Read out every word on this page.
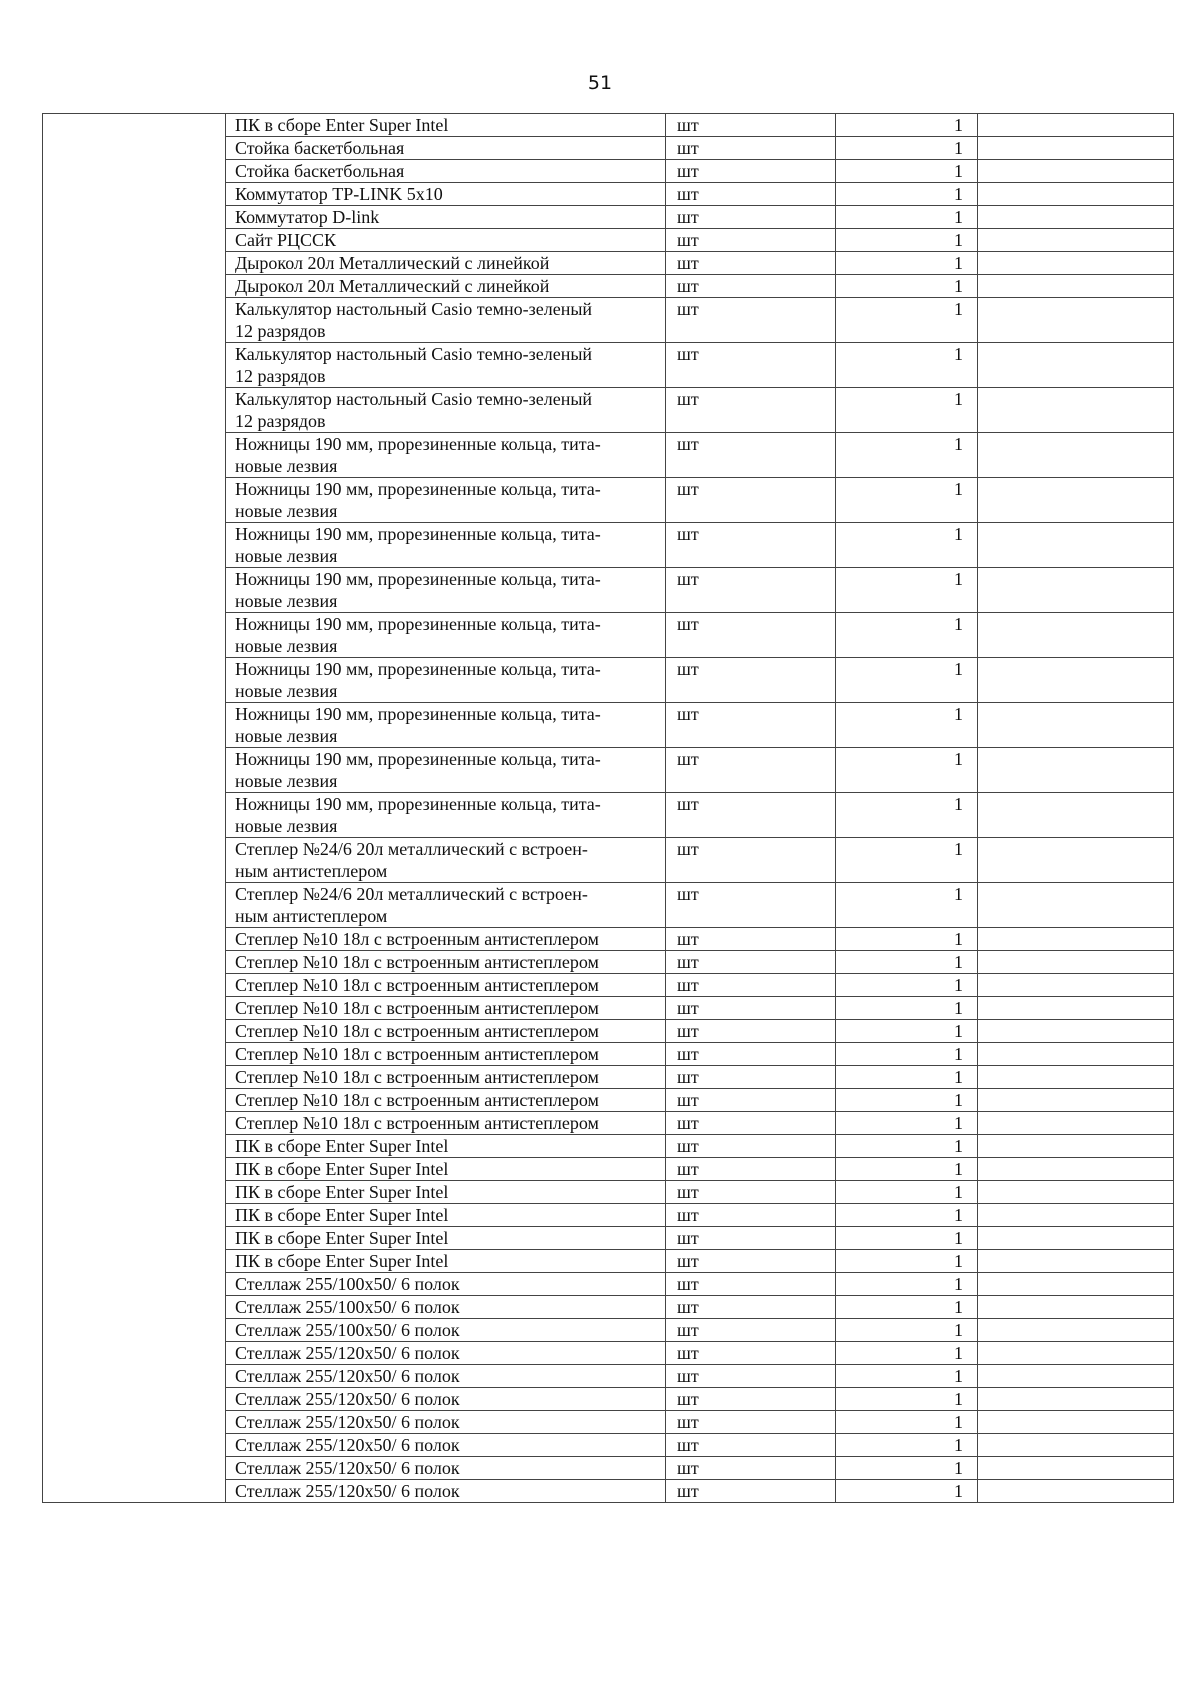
51

	ПК в сборе Enter Super Intel	шт	1	

	Стойка баскетбольная	шт	1	

	Стойка баскетбольная	шт	1	

	Коммутатор TP-LINK 5x10	шт	1	

	Коммутатор D-link	шт	1	

	Сайт РЦССК	шт	1	

	Дырокол 20л Металлический с линейкой	шт	1	

	Дырокол 20л Металлический с линейкой	шт	1	

	Калькулятор настольный Casio темно-зеленый
12 разрядов	шт	1	

	Калькулятор настольный Casio темно-зеленый
12 разрядов	шт	1	

	Калькулятор настольный Casio темно-зеленый
12 разрядов	шт	1	

	Ножницы 190 мм, прорезиненные кольца, тита-
новые лезвия	шт	1	

	Ножницы 190 мм, прорезиненные кольца, тита-
новые лезвия	шт	1	

	Ножницы 190 мм, прорезиненные кольца, тита-
новые лезвия	шт	1	

	Ножницы 190 мм, прорезиненные кольца, тита-
новые лезвия	шт	1	

	Ножницы 190 мм, прорезиненные кольца, тита-
новые лезвия	шт	1	

	Ножницы 190 мм, прорезиненные кольца, тита-
новые лезвия	шт	1	

	Ножницы 190 мм, прорезиненные кольца, тита-
новые лезвия	шт	1	

	Ножницы 190 мм, прорезиненные кольца, тита-
новые лезвия	шт	1	

	Ножницы 190 мм, прорезиненные кольца, тита-
новые лезвия	шт	1	

	Степлер №24/6 20л металлический с встроен-
ным антистеплером	шт	1	

	Степлер №24/6 20л металлический с встроен-
ным антистеплером	шт	1	

	Степлер №10 18л с встроенным антистеплером	шт	1	

	Степлер №10 18л с встроенным антистеплером	шт	1	

	Степлер №10 18л с встроенным антистеплером	шт	1	

	Степлер №10 18л с встроенным антистеплером	шт	1	

	Степлер №10 18л с встроенным антистеплером	шт	1	

	Степлер №10 18л с встроенным антистеплером	шт	1	

	Степлер №10 18л с встроенным антистеплером	шт	1	

	Степлер №10 18л с встроенным антистеплером	шт	1	

	Степлер №10 18л с встроенным антистеплером	шт	1	

	ПК в сборе Enter Super Intel	шт	1	

	ПК в сборе Enter Super Intel	шт	1	

	ПК в сборе Enter Super Intel	шт	1	

	ПК в сборе Enter Super Intel	шт	1	

	ПК в сборе Enter Super Intel	шт	1	

	ПК в сборе Enter Super Intel	шт	1	

	Стеллаж 255/100x50/ 6 полок	шт	1	

	Стеллаж 255/100x50/ 6 полок	шт	1	

	Стеллаж 255/100x50/ 6 полок	шт	1	

	Стеллаж 255/120x50/ 6 полок	шт	1	

	Стеллаж 255/120x50/ 6 полок	шт	1	

	Стеллаж 255/120x50/ 6 полок	шт	1	

	Стеллаж 255/120x50/ 6 полок	шт	1	

	Стеллаж 255/120x50/ 6 полок	шт	1	

	Стеллаж 255/120x50/ 6 полок	шт	1	

	Стеллаж 255/120x50/ 6 полок	шт	1	
